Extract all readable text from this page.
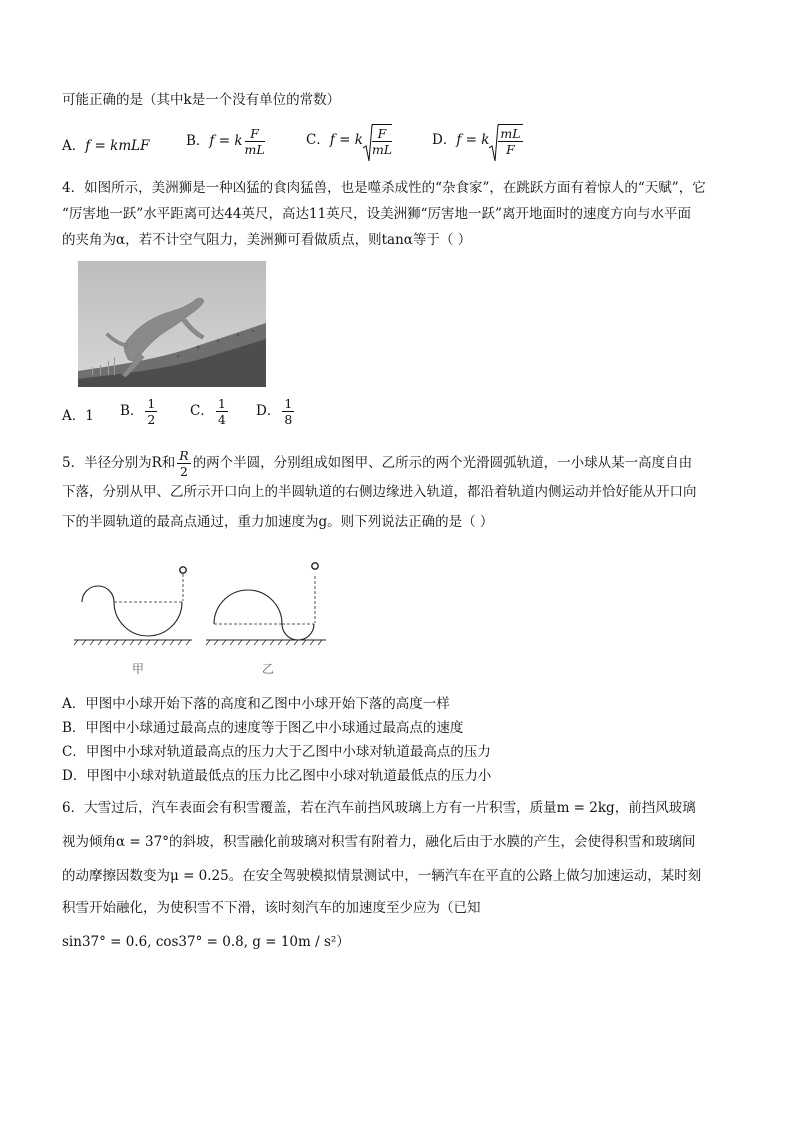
可能正确的是（其中k是一个没有单位的常数）
A．f = kmLF	B．f = k $\frac{F}{mL}$	C．f = k $\frac{F}{mL}$	D．f = k $\frac{mL}{F}$
4．如图所示，美洲狮是一种凶猛的食肉猛兽，也是噬杀成性的“杂食家”，在跳跃方面有着惊人的“天赋”，它
“厉害地一跃”水平距离可达44英尺，高达11英尺，设美洲狮“厉害地一跃”离开地面时的速度方向与水平面
的夹角为α，若不计空气阻力，美洲狮可看做质点，则tanα等于（ ）
A．1 B． $\frac{1}{2}$ C． $\frac{1}{4}$ D． $\frac{1}{8}$
5．半径分别为R和 $\frac{R}{2}$ 的两个半圆，分别组成如图甲、乙所示的两个光滑圆弧轨道，一小球从某一高度自由
下落，分别从甲、乙所示开口向上的半圆轨道的右侧边缘进入轨道，都沿着轨道内侧运动并恰好能从开口向
下的半圆轨道的最高点通过，重力加速度为g。则下列说法正确的是（ ）
甲	乙
A．甲图中小球开始下落的高度和乙图中小球开始下落的高度一样
B．甲图中小球通过最高点的速度等于图乙中小球通过最高点的速度
C．甲图中小球对轨道最高点的压力大于乙图中小球对轨道最高点的压力
D．甲图中小球对轨道最低点的压力比乙图中小球对轨道最低点的压力小
6．大雪过后，汽车表面会有积雪覆盖，若在汽车前挡风玻璃上方有一片积雪，质量m = 2kg，前挡风玻璃
视为倾角α = 37°的斜坡，积雪融化前玻璃对积雪有附着力，融化后由于水膜的产生，会使得积雪和玻璃间
的动摩擦因数变为μ = 0.25。在安全驾驶模拟情景测试中，一辆汽车在平直的公路上做匀加速运动，某时刻
积雪开始融化，为使积雪不下滑，该时刻汽车的加速度至少应为（已知
sin37° = 0.6, cos37° = 0.8, g = 10m / s²）
